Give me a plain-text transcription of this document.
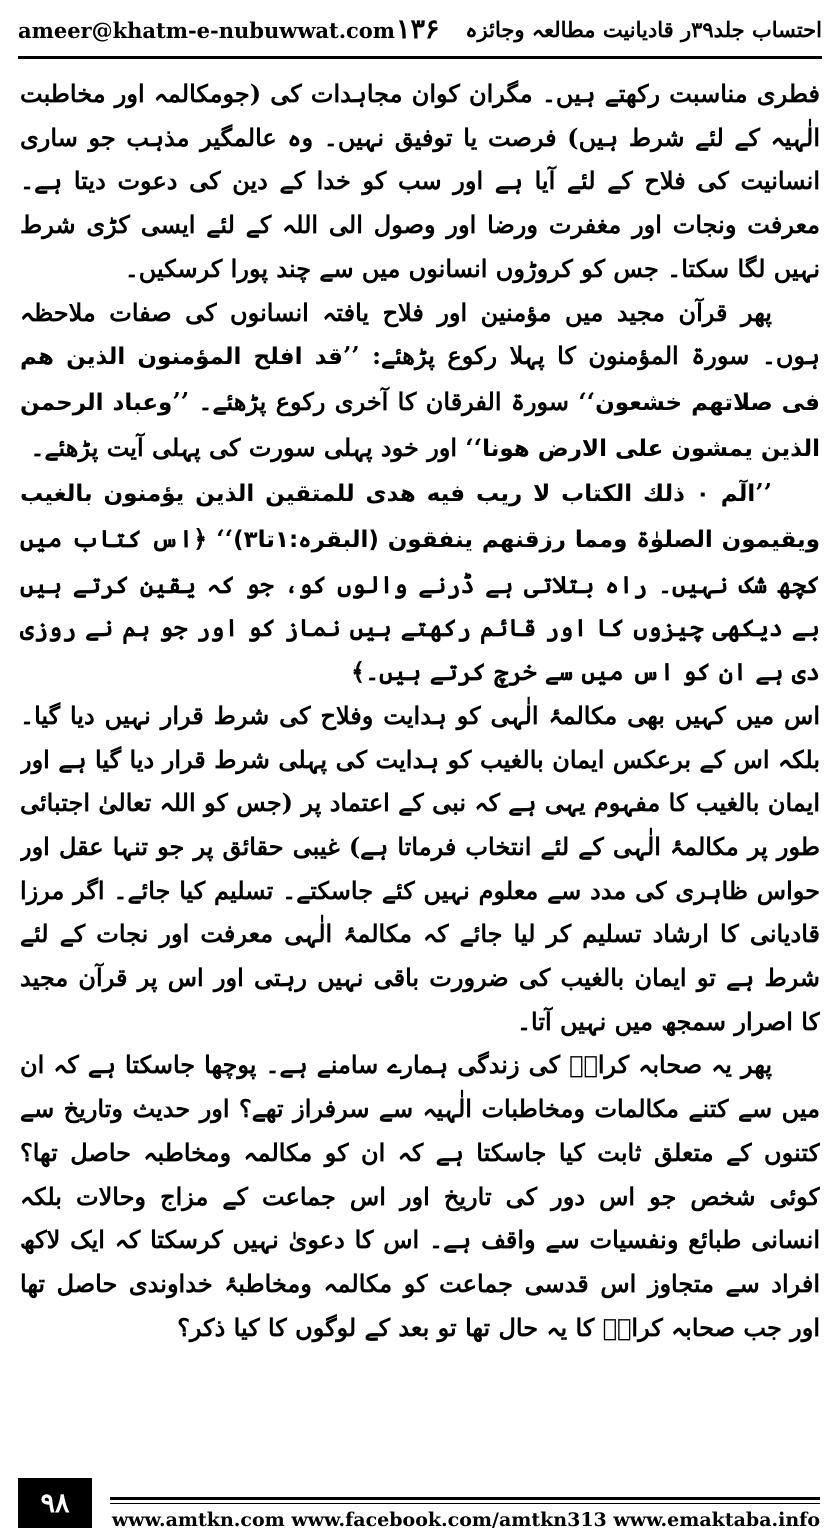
ameer@khatm-e-nubuwwat.com ۱۳۶ احتساب جلد۳۹ر قادیانیت مطالعہ وجائزہ

فطری مناسبت رکھتے ہیں۔ مگران کوان مجاہدات کی (جومکالمہ اور مخاطبت الٰہیہ کے لئے شرط ہیں) فرصت یا توفیق نہیں۔ وہ عالمگیر مذہب جو ساری انسانیت کی فلاح کے لئے آیا ہے اور سب کو خدا کے دین کی دعوت دیتا ہے۔ معرفت ونجات اور مغفرت ورضا اور وصول الی اللہ کے لئے ایسی کڑی شرط نہیں لگا سکتا۔ جس کو کروڑوں انسانوں میں سے چند پورا کرسکیں۔

پھر قرآن مجید میں مؤمنین اور فلاح یافتہ انسانوں کی صفات ملاحظہ ہوں۔ سورۃ المؤمنون کا پہلا رکوع پڑھئے: ’’قد افلح المؤمنون الذین ھم فی صلاتھم خشعون‘‘ سورۃ الفرقان کا آخری رکوع پڑھئے۔ ’’وعباد الرحمن الذین یمشون علی الارض ھونا‘‘ اور خود پہلی سورت کی پہلی آیت پڑھئے۔

’’الٓم ۰ ذلك الکتاب لا ریب فیه ھدی للمتقین الذین یؤمنون بالغیب ویقیمون الصلوٰۃ ومما رزقنھم ینفقون (البقرہ:۱تا۳)‘‘ ﴿اس کتاب میں کچھ شک نہیں۔ راہ بتلاتی ہے ڈرنے والوں کو، جو کہ یقین کرتے ہیں بے دیکھی چیزوں کا اور قائم رکھتے ہیں نماز کو اور جو ہم نے روزی دی ہے ان کو اس میں سے خرچ کرتے ہیں۔﴾

اس میں کہیں بھی مکالمۂ الٰہی کو ہدایت وفلاح کی شرط قرار نہیں دیا گیا۔ بلکہ اس کے برعکس ایمان بالغیب کو ہدایت کی پہلی شرط قرار دیا گیا ہے اور ایمان بالغیب کا مفہوم یہی ہے کہ نبی کے اعتماد پر (جس کو اللہ تعالیٰ اجتبائی طور پر مکالمۂ الٰہی کے لئے انتخاب فرماتا ہے) غیبی حقائق پر جو تنہا عقل اور حواس ظاہری کی مدد سے معلوم نہیں کئے جاسکتے۔ تسلیم کیا جائے۔ اگر مرزا قادیانی کا ارشاد تسلیم کر لیا جائے کہ مکالمۂ الٰہی معرفت اور نجات کے لئے شرط ہے تو ایمان بالغیب کی ضرورت باقی نہیں رہتی اور اس پر قرآن مجید کا اصرار سمجھ میں نہیں آتا۔

پھر یہ صحابہ کرامؓ کی زندگی ہمارے سامنے ہے۔ پوچھا جاسکتا ہے کہ ان میں سے کتنے مکالمات ومخاطبات الٰہیہ سے سرفراز تھے؟ اور حدیث وتاریخ سے کتنوں کے متعلق ثابت کیا جاسکتا ہے کہ ان کو مکالمہ ومخاطبہ حاصل تھا؟ کوئی شخص جو اس دور کی تاریخ اور اس جماعت کے مزاج وحالات بلکہ انسانی طبائع ونفسیات سے واقف ہے۔ اس کا دعویٰ نہیں کرسکتا کہ ایک لاکھ افراد سے متجاوز اس قدسی جماعت کو مکالمہ ومخاطبۂ خداوندی حاصل تھا اور جب صحابہ کرامؓ کا یہ حال تھا تو بعد کے لوگوں کا کیا ذکر؟

۹۸
www.amtkn.com www.facebook.com/amtkn313 www.emaktaba.info
